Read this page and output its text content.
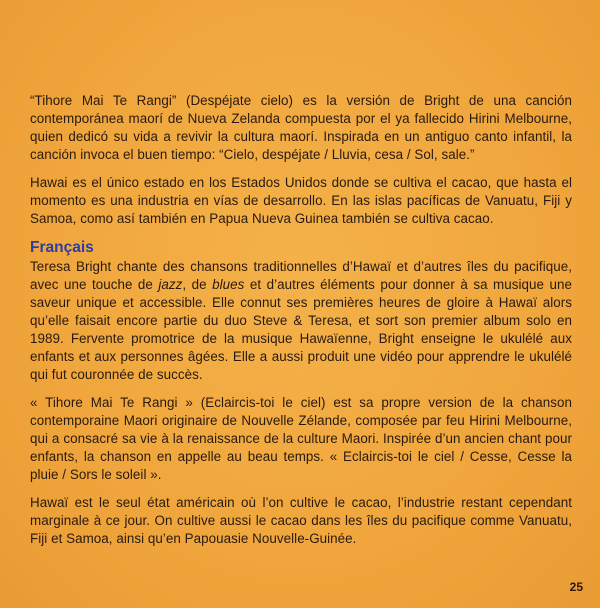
“Tihore Mai Te Rangi” (Despéjate cielo) es la versión de Bright de una canción contemporánea maorí de Nueva Zelanda compuesta por el ya fallecido Hirini Melbourne, quien dedicó su vida a revivir la cultura maorí. Inspirada en un antiguo canto infantil, la canción invoca el buen tiempo: “Cielo, despéjate / Lluvia, cesa / Sol, sale.”

Hawai es el único estado en los Estados Unidos donde se cultiva el cacao, que hasta el momento es una industria en vías de desarrollo. En las islas pacíficas de Vanuatu, Fiji y Samoa, como así también en Papua Nueva Guinea también se cultiva cacao.

Français

Teresa Bright chante des chansons traditionnelles d’Hawaï et d’autres îles du pacifique, avec une touche de jazz, de blues et d’autres éléments pour donner à sa musique une saveur unique et accessible. Elle connut ses premières heures de gloire à Hawaï alors qu’elle faisait encore partie du duo Steve & Teresa, et sort son premier album solo en 1989. Fervente promotrice de la musique Hawaïenne, Bright enseigne le ukulélé aux enfants et aux personnes âgées. Elle a aussi produit une vidéo pour apprendre le ukulélé qui fut couronnée de succès.

« Tihore Mai Te Rangi » (Eclaircis-toi le ciel) est sa propre version de la chanson contemporaine Maori originaire de Nouvelle Zélande, composée par feu Hirini Melbourne, qui a consacré sa vie à la renaissance de la culture Maori. Inspirée d’un ancien chant pour enfants, la chanson en appelle au beau temps. « Eclaircis-toi le ciel / Cesse, Cesse la pluie / Sors le soleil ».

Hawaï est le seul état américain où l’on cultive le cacao, l’industrie restant cependant marginale à ce jour. On cultive aussi le cacao dans les îles du pacifique comme Vanuatu, Fiji et Samoa, ainsi qu’en Papouasie Nouvelle-Guinée.

25
